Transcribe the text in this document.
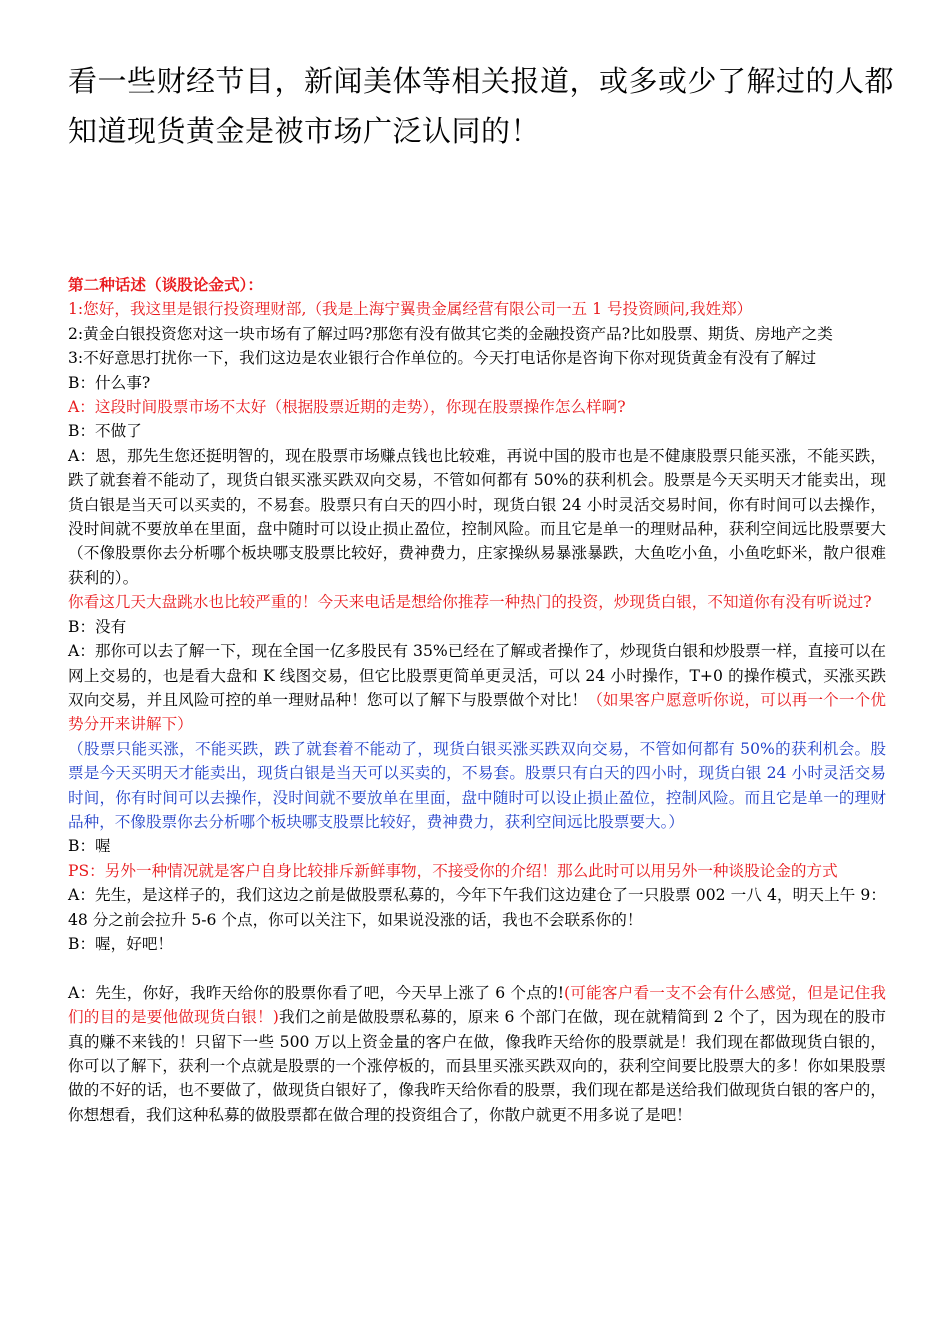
看一些财经节目，新闻美体等相关报道，或多或少了解过的人都

知道现货黄金是被市场广泛认同的！

第二种话述（谈股论金式）：

1:您好，我这里是银行投资理财部,（我是上海宁翼贵金属经营有限公司一五 1 号投资顾问,我姓郑）

2:黄金白银投资您对这一块市场有了解过吗?那您有没有做其它类的金融投资产品?比如股票、期货、房地产之类

3:不好意思打扰你一下，我们这边是农业银行合作单位的。今天打电话你是咨询下你对现货黄金有没有了解过

B：什么事?

A：这段时间股票市场不太好（根据股票近期的走势），你现在股票操作怎么样啊?

B：不做了

A：恩，那先生您还挺明智的，现在股票市场赚点钱也比较难，再说中国的股市也是不健康股票只能买涨，不能买跌，跌了就套着不能动了，现货白银买涨买跌双向交易，不管如何都有 50%的获利机会。股票是今天买明天才能卖出，现货白银是当天可以买卖的，不易套。股票只有白天的四小时，现货白银 24 小时灵活交易时间，你有时间可以去操作，没时间就不要放单在里面，盘中随时可以设止损止盈位，控制风险。而且它是单一的理财品种，获利空间远比股票要大（不像股票你去分析哪个板块哪支股票比较好，费神费力，庄家操纵易暴涨暴跌，大鱼吃小鱼，小鱼吃虾米，散户很难获利的）。

你看这几天大盘跳水也比较严重的！今天来电话是想给你推荐一种热门的投资，炒现货白银，不知道你有没有听说过?

B：没有

A：那你可以去了解一下，现在全国一亿多股民有 35%已经在了解或者操作了，炒现货白银和炒股票一样，直接可以在网上交易的，也是看大盘和 K 线图交易，但它比股票更简单更灵活，可以 24 小时操作，T+0 的操作模式，买涨买跌双向交易，并且风险可控的单一理财品种！您可以了解下与股票做个对比！（如果客户愿意听你说，可以再一个一个优势分开来讲解下）

（股票只能买涨，不能买跌，跌了就套着不能动了，现货白银买涨买跌双向交易，不管如何都有 50%的获利机会。股票是今天买明天才能卖出，现货白银是当天可以买卖的，不易套。股票只有白天的四小时，现货白银 24 小时灵活交易时间，你有时间可以去操作，没时间就不要放单在里面，盘中随时可以设止损止盈位，控制风险。而且它是单一的理财品种，不像股票你去分析哪个板块哪支股票比较好，费神费力，获利空间远比股票要大。）

B：喔

PS：另外一种情况就是客户自身比较排斥新鲜事物，不接受你的介绍！那么此时可以用另外一种谈股论金的方式

A：先生，是这样子的，我们这边之前是做股票私募的，今年下午我们这边建仓了一只股票 002 一八 4，明天上午 9：48 分之前会拉升 5-6 个点，你可以关注下，如果说没涨的话，我也不会联系你的！

B：喔，好吧！

A：先生，你好，我昨天给你的股票你看了吧，今天早上涨了 6 个点的!(可能客户看一支不会有什么感觉，但是记住我们的目的是要他做现货白银！)我们之前是做股票私募的，原来 6 个部门在做，现在就精简到 2 个了，因为现在的股市真的赚不来钱的！只留下一些 500 万以上资金量的客户在做，像我昨天给你的股票就是！我们现在都做现货白银的，你可以了解下，获利一个点就是股票的一个涨停板的，而县里买涨买跌双向的，获利空间要比股票大的多！你如果股票做的不好的话，也不要做了，做现货白银好了，像我昨天给你看的股票，我们现在都是送给我们做现货白银的客户的，你想想看，我们这种私募的做股票都在做合理的投资组合了，你散户就更不用多说了是吧！
